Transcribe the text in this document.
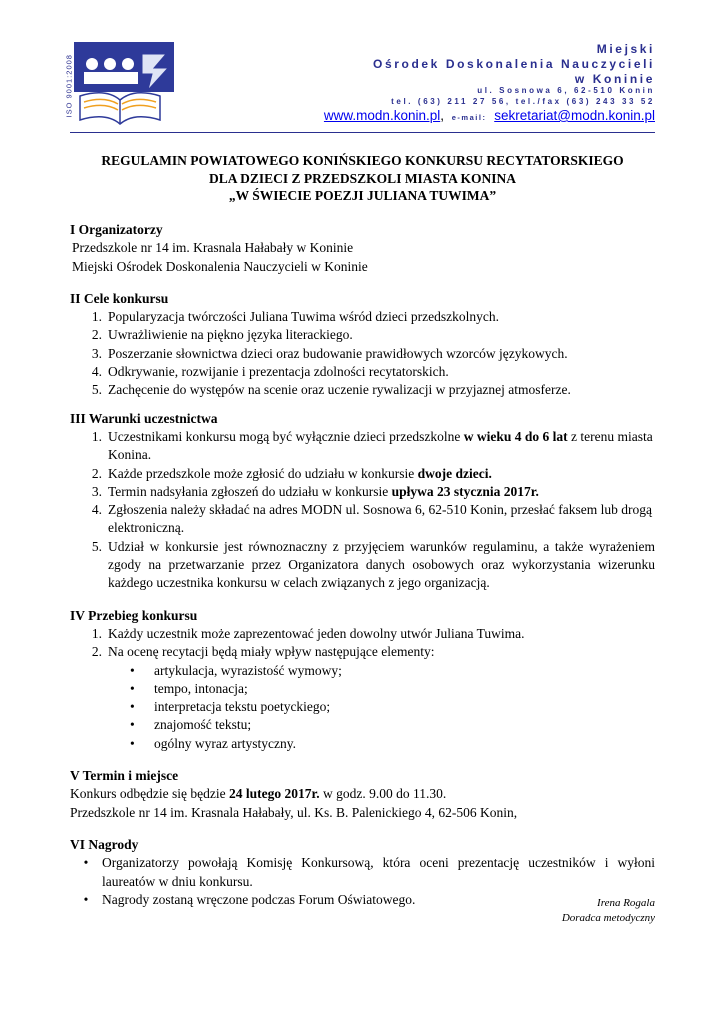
ISO 9001:2008
Miejski
Ośrodek Doskonalenia Nauczycieli
w Koninie
ul. Sosnowa 6, 62-510 Konin
tel. (63) 211 27 56, tel./fax (63) 243 33 52
www.modn.konin.pl, e-mail: sekretariat@modn.konin.pl
REGULAMIN POWIATOWEGO KONIŃSKIEGO KONKURSU RECYTATORSKIEGO
DLA DZIECI Z PRZEDSZKOLI MIASTA KONINA
„W ŚWIECIE POEZJI JULIANA TUWIMA”
I Organizatorzy
Przedszkole nr 14 im. Krasnala Hałabały w Koninie
Miejski Ośrodek Doskonalenia Nauczycieli w Koninie
II Cele konkursu
1. Popularyzacja twórczości Juliana Tuwima wśród dzieci przedszkolnych.
2. Uwrażliwienie na piękno języka literackiego.
3. Poszerzanie słownictwa dzieci oraz budowanie prawidłowych wzorców językowych.
4. Odkrywanie, rozwijanie i prezentacja zdolności recytatorskich.
5. Zachęcenie do występów na scenie oraz uczenie rywalizacji w przyjaznej atmosferze.
III Warunki uczestnictwa
1. Uczestnikami konkursu mogą być wyłącznie dzieci przedszkolne w wieku 4 do 6 lat z terenu miasta Konina.
2. Każde przedszkole może zgłosić do udziału w konkursie dwoje dzieci.
3. Termin nadsyłania zgłoszeń do udziału w konkursie upływa 23 stycznia 2017r.
4. Zgłoszenia należy składać na adres MODN ul. Sosnowa 6, 62-510 Konin, przesłać faksem lub drogą elektroniczną.
5. Udział w konkursie jest równoznaczny z przyjęciem warunków regulaminu, a także wyrażeniem zgody na przetwarzanie przez Organizatora danych osobowych oraz wykorzystania wizerunku każdego uczestnika konkursu w celach związanych z jego organizacją.
IV Przebieg konkursu
1. Każdy uczestnik może zaprezentować jeden dowolny utwór Juliana Tuwima.
2. Na ocenę recytacji będą miały wpływ następujące elementy:
•	artykulacja, wyrazistość wymowy;
•	tempo, intonacja;
•	interpretacja tekstu poetyckiego;
•	znajomość tekstu;
•	ogólny wyraz artystyczny.
V Termin i miejsce
Konkurs odbędzie się będzie 24 lutego 2017r. w godz. 9.00 do 11.30.
Przedszkole nr 14 im. Krasnala Hałabały, ul. Ks. B. Palenickiego 4, 62-506 Konin,
VI Nagrody
•	Organizatorzy powołają Komisję Konkursową, która oceni prezentację uczestników i wyłoni laureatów w dniu konkursu.
•	Nagrody zostaną wręczone podczas Forum Oświatowego.	Irena Rogala
Doradca metodyczny
